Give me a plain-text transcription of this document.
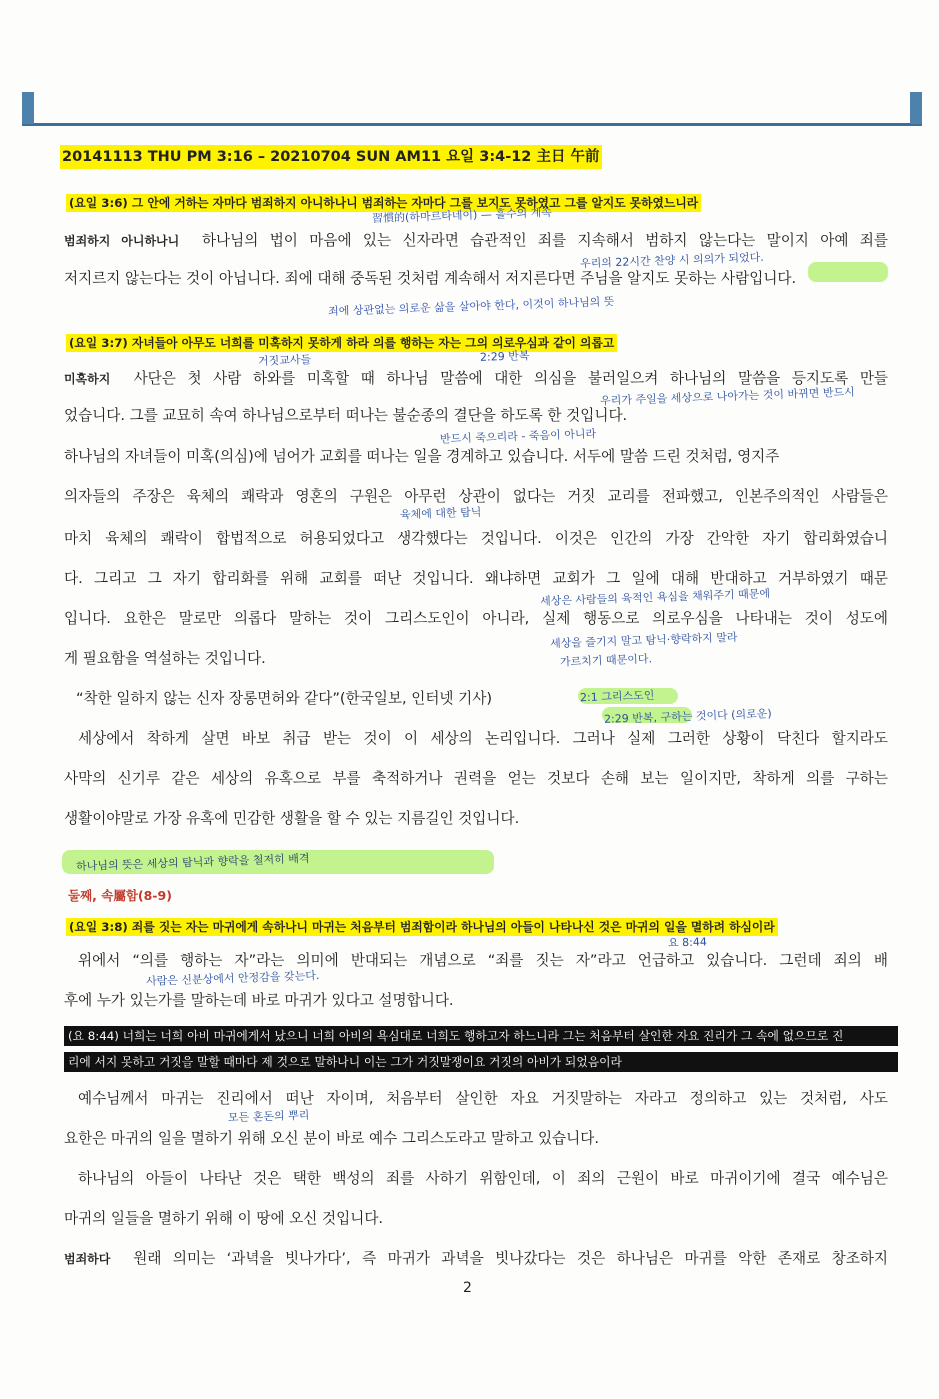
20141113 THU PM 3:16 – 20210704 SUN AM11 요일 3:4-12 主日 午前
(요일 3:6) 그 안에 거하는 자마다 범죄하지 아니하나니 범죄하는 자마다 그를 보지도 못하였고 그를 알지도 못하였느니라
習慣的(하마르타네이) — 흘수의 계속
범죄하지 아니하나니 하나님의 법이 마음에 있는 신자라면 습관적인 죄를 지속해서 범하지 않는다는 말이지 아예 죄를
우리의 22시간 찬양 시 의의가 되었다.
저지르지 않는다는 것이 아닙니다. 죄에 대해 중독된 것처럼 계속해서 저지른다면 주님을 알지도 못하는 사람입니다.
죄에 상관없는 의로운 삶을 살아야 한다, 이것이 하나님의 뜻
(요일 3:7) 자녀들아 아무도 너희를 미혹하지 못하게 하라 의를 행하는 자는 그의 의로우심과 같이 의롭고
거짓교사들	2:29 반복
미혹하지 사단은 첫 사람 하와를 미혹할 때 하나님 말씀에 대한 의심을 불러일으켜 하나님의 말씀을 등지도록 만들
우리가 주일을 세상으로 나아가는 것이 바뀌면 반드시
었습니다. 그를 교묘히 속여 하나님으로부터 떠나는 불순종의 결단을 하도록 한 것입니다.
반드시 죽으리라 - 죽음이 아니라
하나님의 자녀들이 미혹(의심)에 넘어가 교회를 떠나는 일을 경계하고 있습니다. 서두에 말씀 드린 것처럼, 영지주
의자들의 주장은 육체의 쾌락과 영혼의 구원은 아무런 상관이 없다는 거짓 교리를 전파했고, 인본주의적인 사람들은
육체에 대한 탐닉
마치 육체의 쾌락이 합법적으로 허용되었다고 생각했다는 것입니다. 이것은 인간의 가장 간악한 자기 합리화였습니
다. 그리고 그 자기 합리화를 위해 교회를 떠난 것입니다. 왜냐하면 교회가 그 일에 대해 반대하고 거부하였기 때문
세상은 사람들의 육적인 욕심을 채워주기 때문에
입니다. 요한은 말로만 의롭다 말하는 것이 그리스도인이 아니라, 실제 행동으로 의로우심을 나타내는 것이 성도에
세상을 즐기지 말고 탐닉·향락하지 말라
게 필요함을 역설하는 것입니다.	가르치기 때문이다.
“착한 일하지 않는 신자 장롱면허와 같다”(한국일보, 인터넷 기사)	2:1 그리스도인
2:29 반복, 구하는 것이다 (의로운)
세상에서 착하게 살면 바보 취급 받는 것이 이 세상의 논리입니다. 그러나 실제 그러한 상황이 닥친다 할지라도
사막의 신기루 같은 세상의 유혹으로 부를 축적하거나 권력을 얻는 것보다 손해 보는 일이지만, 착하게 의를 구하는
생활이야말로 가장 유혹에 민감한 생활을 할 수 있는 지름길인 것입니다.
하나님의 뜻은 세상의 탐닉과 향락을 철저히 배격
둘째, 속屬함(8-9)
(요일 3:8) 죄를 짓는 자는 마귀에게 속하나니 마귀는 처음부터 범죄함이라 하나님의 아들이 나타나신 것은 마귀의 일을 멸하려 하심이라
요 8:44
위에서 “의를 행하는 자”라는 의미에 반대되는 개념으로 “죄를 짓는 자”라고 언급하고 있습니다. 그런데 죄의 배
사람은 신분상에서 안정감을 갖는다.
후에 누가 있는가를 말하는데 바로 마귀가 있다고 설명합니다.
(요 8:44) 너희는 너희 아비 마귀에게서 났으니 너희 아비의 욕심대로 너희도 행하고자 하느니라 그는 처음부터 살인한 자요 진리가 그 속에 없으므로 진
리에 서지 못하고 거짓을 말할 때마다 제 것으로 말하나니 이는 그가 거짓말쟁이요 거짓의 아비가 되었음이라
예수님께서 마귀는 진리에서 떠난 자이며, 처음부터 살인한 자요 거짓말하는 자라고 정의하고 있는 것처럼, 사도
모든 혼돈의 뿌리
요한은 마귀의 일을 멸하기 위해 오신 분이 바로 예수 그리스도라고 말하고 있습니다.
하나님의 아들이 나타난 것은 택한 백성의 죄를 사하기 위함인데, 이 죄의 근원이 바로 마귀이기에 결국 예수님은
마귀의 일들을 멸하기 위해 이 땅에 오신 것입니다.
범죄하다 원래 의미는 ‘과녁을 빗나가다’, 즉 마귀가 과녁을 빗나갔다는 것은 하나님은 마귀를 악한 존재로 창조하지
2
